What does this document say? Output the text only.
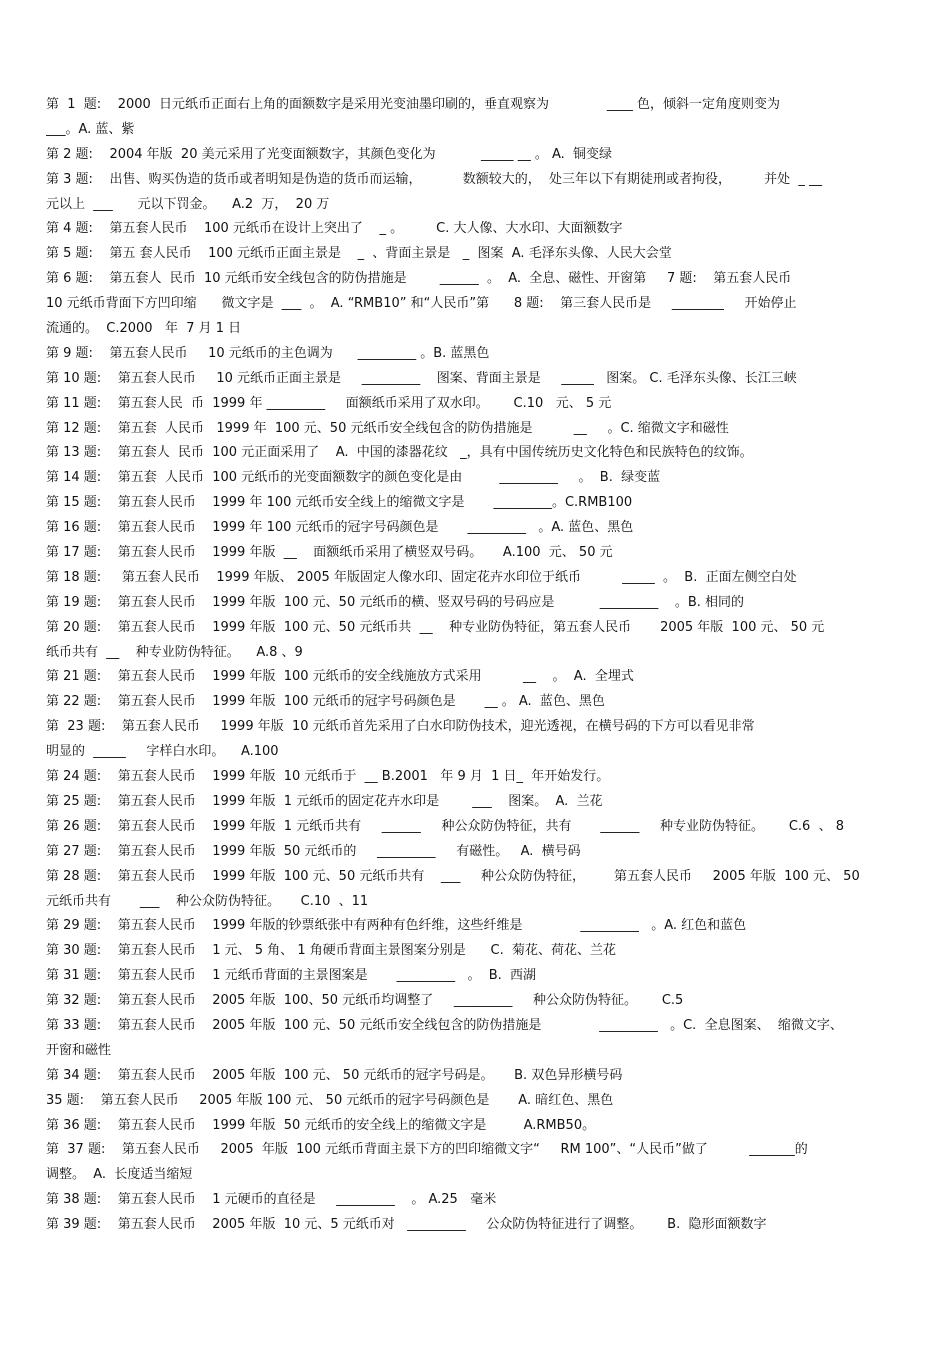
第  1  题:    2000  日元纸币正面右上角的面额数字是采用光变油墨印刷的，垂直观察为              ____ 色，倾斜一定角度则变为
___。A. 蓝、紫
第 2 题:    2004 年版  20 美元采用了光变面额数字，其颜色变化为           _____ __ 。 A.  铜变绿
第 3 题:    出售、购买伪造的货币或者明知是伪造的货币而运输，          数额较大的，  处三年以下有期徒刑或者拘役，        并处  _ __
元以上  ___      元以下罚金。    A.2  万，  20 万
第 4 题:    第五套人民币    100 元纸币在设计上突出了    _ 。        C. 大人像、大水印、大面额数字
第 5 题:    第五 套人民币    100 元纸币正面主景是    _  、背面主景是   _  图案  A. 毛泽东头像、人民大会堂
第 6 题:    第五套人  民币  10 元纸币安全线包含的防伪措施是        ______  。  A.  全息、磁性、开窗第     7 题:    第五套人民币
10 元纸币背面下方凹印缩      微文字是  ___  。  A. “RMB10” 和“人民币”第      8 题:    第三套人民币是     ________     开始停止
流通的。  C.2000   年  7 月 1 日
第 9 题:    第五套人民币     10 元纸币的主色调为      _________ 。B. 蓝黑色
第 10 题:    第五套人民币     10 元纸币正面主景是     _________    图案、背面主景是     _____   图案。 C. 毛泽东头像、长江三峡
第 11 题:    第五套人民  币  1999 年 _________     面额纸币采用了双水印。      C.10   元、 5 元
第 12 题:    第五套  人民币   1999 年  100 元、50 元纸币安全线包含的防伪措施是          __     。C. 缩微文字和磁性
第 13 题:    第五套人  民币  100 元正面采用了    A.  中国的漆器花纹   _，具有中国传统历史文化特色和民族特色的纹饰。
第 14 题:    第五套  人民币  100 元纸币的光变面额数字的颜色变化是由         _________     。  B.  绿变蓝
第 15 题:    第五套人民币    1999 年 100 元纸币安全线上的缩微文字是       _________。C.RMB100
第 16 题:    第五套人民币    1999 年 100 元纸币的冠字号码颜色是       _________   。A. 蓝色、黑色
第 17 题:    第五套人民币    1999 年版  __    面额纸币采用了横竖双号码。     A.100  元、 50 元
第 18 题:     第五套人民币    1999 年版、 2005 年版固定人像水印、固定花卉水印位于纸币          _____  。  B.  正面左侧空白处
第 19 题:    第五套人民币    1999 年版  100 元、50 元纸币的横、竖双号码的号码应是           _________    。B. 相同的
第 20 题:    第五套人民币    1999 年版  100 元、50 元纸币共  __    种专业防伪特征，第五套人民币       2005 年版  100 元、 50 元
纸币共有  __    种专业防伪特征。    A.8 、9
第 21 题:    第五套人民币    1999 年版  100 元纸币的安全线施放方式采用          __    。  A.  全埋式
第 22 题:    第五套人民币    1999 年版  100 元纸币的冠字号码颜色是       __ 。 A.  蓝色、黑色
第  23 题:    第五套人民币     1999 年版  10 元纸币首先采用了白水印防伪技术，迎光透视，在横号码的下方可以看见非常
明显的  _____     字样白水印。    A.100
第 24 题:    第五套人民币    1999 年版  10 元纸币于  __ B.2001   年 9 月  1 日_  年开始发行。
第 25 题:    第五套人民币    1999 年版  1 元纸币的固定花卉水印是        ___    图案。  A.  兰花
第 26 题:    第五套人民币    1999 年版  1 元纸币共有     ______     种公众防伪特征，共有       ______     种专业防伪特征。      C.6  、 8
第 27 题:    第五套人民币    1999 年版  50 元纸币的     _________     有磁性。   A.  横号码
第 28 题:    第五套人民币    1999 年版  100 元、50 元纸币共有    ___     种公众防伪特征，       第五套人民币     2005 年版  100 元、 50
元纸币共有       ___    种公众防伪特征。     C.10  、11
第 29 题:    第五套人民币    1999 年版的钞票纸张中有两种有色纤维，这些纤维是              _________   。A. 红色和蓝色
第 30 题:    第五套人民币    1 元、 5 角、 1 角硬币背面主景图案分别是      C.  菊花、荷花、兰花
第 31 题:    第五套人民币    1 元纸币背面的主景图案是       _________   。  B.  西湖
第 32 题:    第五套人民币    2005 年版  100、50 元纸币均调整了     _________     种公众防伪特征。      C.5
第 33 题:    第五套人民币    2005 年版  100 元、50 元纸币安全线包含的防伪措施是              _________   。C.  全息图案、  缩微文字、
开窗和磁性
第 34 题:    第五套人民币    2005 年版  100 元、 50 元纸币的冠字号码是。     B. 双色异形横号码
35 题:    第五套人民币     2005 年版 100 元、 50 元纸币的冠字号码颜色是       A. 暗红色、黑色
第 36 题:    第五套人民币    1999 年版  50 元纸币的安全线上的缩微文字是         A.RMB50。
第  37 题:    第五套人民币     2005  年版  100 元纸币背面主景下方的凹印缩微文字“     RM 100”、“人民币”做了          _______的
调整。  A.  长度适当缩短
第 38 题:    第五套人民币    1 元硬币的直径是     _________    。 A.25   毫米
第 39 题:    第五套人民币    2005 年版  10 元、5 元纸币对   _________     公众防伪特征进行了调整。      B.  隐形面额数字
